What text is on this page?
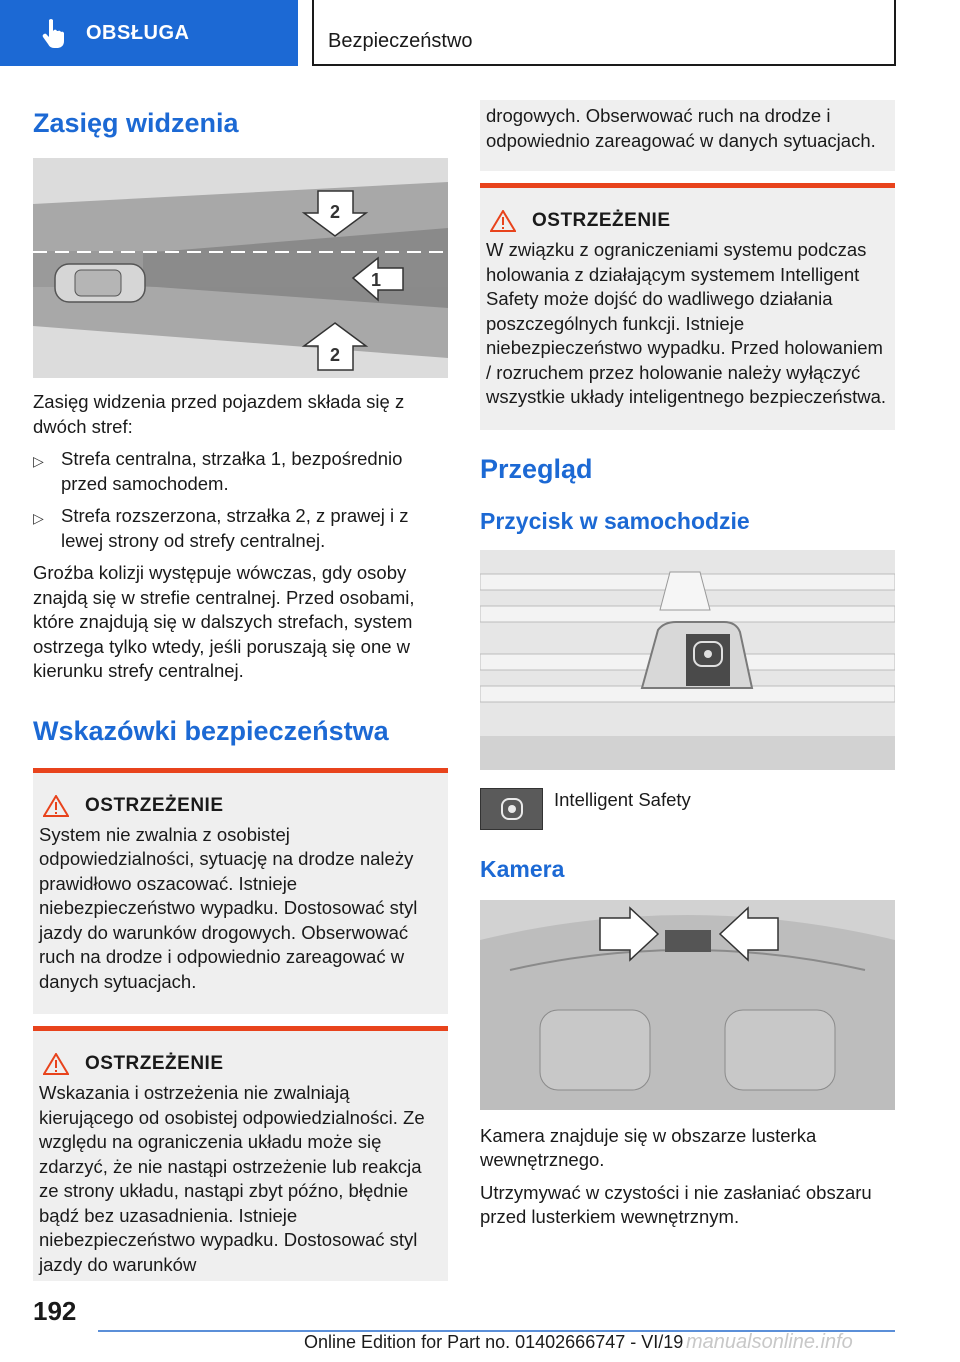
OBSŁUGA	Bezpieczeństwo
Zasięg widzenia
2
1
2

Zasięg widzenia przed pojazdem składa się z dwóch stref:

▷ Strefa centralna, strzałka 1, bezpośrednio przed samochodem.
▷ Strefa rozszerzona, strzałka 2, z prawej i z lewej strony od strefy centralnej.

Groźba kolizji występuje wówczas, gdy osoby znajdą się w strefie centralnej. Przed osobami, które znajdują się w dalszych strefach, system ostrzega tylko wtedy, jeśli poruszają się one w kierunku strefy centralnej.

Wskazówki bezpieczeństwa
OSTRZEŻENIE

System nie zwalnia z osobistej odpowiedzialności, sytuację na drodze należy prawidłowo oszacować. Istnieje niebezpieczeństwo wypadku. Dostosować styl jazdy do warunków drogowych. Obserwować ruch na drodze i odpowiednio zareagować w danych sytuacjach.

OSTRZEŻENIE

Wskazania i ostrzeżenia nie zwalniają kierującego od osobistej odpowiedzialności. Ze względu na ograniczenia układu może się zdarzyć, że nie nastąpi ostrzeżenie lub reakcja ze strony układu, nastąpi zbyt późno, błędnie bądź bez uzasadnienia. Istnieje niebezpieczeństwo wypadku. Dostosować styl jazdy do warunków

drogowych. Obserwować ruch na drodze i odpowiednio zareagować w danych sytuacjach.

OSTRZEŻENIE

W związku z ograniczeniami systemu podczas holowania z działającym systemem Intelligent Safety może dojść do wadliwego działania poszczególnych funkcji. Istnieje niebezpieczeństwo wypadku. Przed holowaniem / rozruchem przez holowanie należy wyłączyć wszystkie układy inteligentnego bezpieczeństwa.

Przegląd
Przycisk w samochodzie
Intelligent Safety
Kamera

Kamera znajduje się w obszarze lusterka wewnętrznego.

Utrzymywać w czystości i nie zasłaniać obszaru przed lusterkiem wewnętrznym.

192
Online Edition for Part no. 01402666747 - VI/19 manualsonline.info
